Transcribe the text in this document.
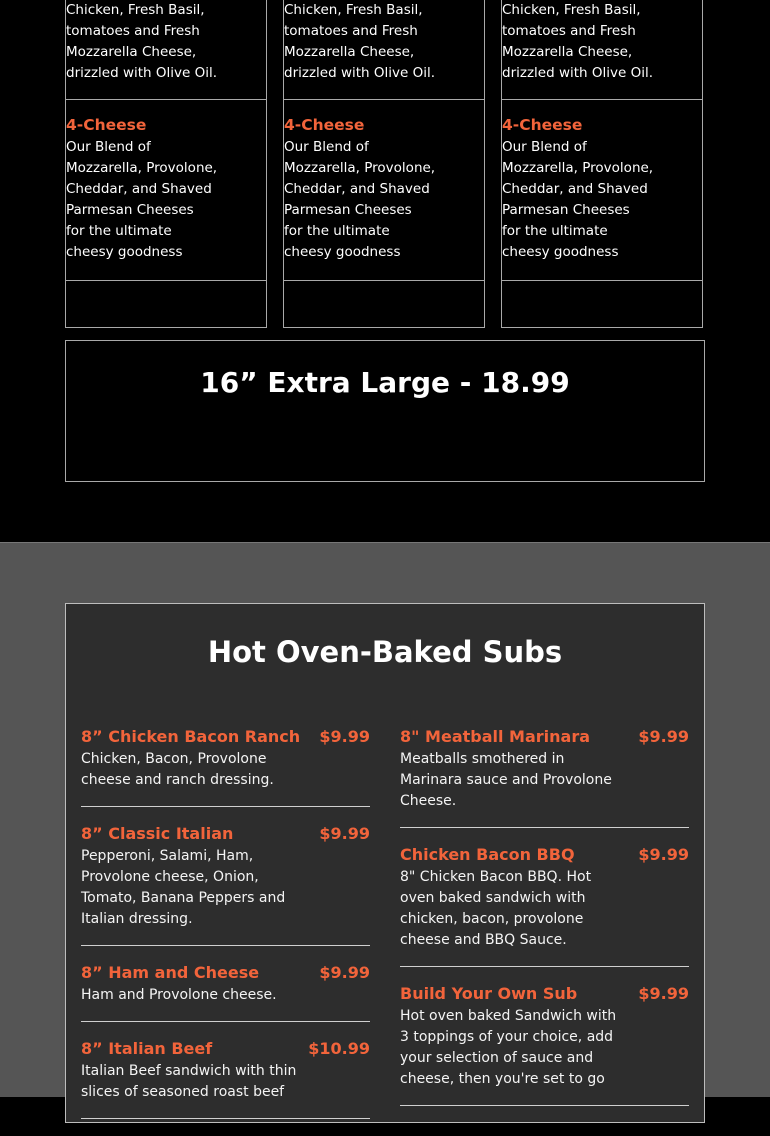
Chicken, Fresh Basil,
tomatoes and Fresh
Mozzarella Cheese,
drizzled with Olive Oil.
4-Cheese
Our Blend of
Mozzarella, Provolone,
Cheddar, and Shaved
Parmesan Cheeses
for the ultimate
cheesy goodness
Chicken, Fresh Basil,
tomatoes and Fresh
Mozzarella Cheese,
drizzled with Olive Oil.
4-Cheese
Our Blend of
Mozzarella, Provolone,
Cheddar, and Shaved
Parmesan Cheeses
for the ultimate
cheesy goodness
Chicken, Fresh Basil,
tomatoes and Fresh
Mozzarella Cheese,
drizzled with Olive Oil.
4-Cheese
Our Blend of
Mozzarella, Provolone,
Cheddar, and Shaved
Parmesan Cheeses
for the ultimate
cheesy goodness
16” Extra Large - 18.99
Hot Oven-Baked Subs
8” Chicken Bacon Ranch $9.99
Chicken, Bacon, Provolone cheese and ranch dressing.
8” Classic Italian	$9.99
Pepperoni, Salami, Ham, Provolone cheese, Onion, Tomato, Banana Peppers and Italian dressing.
8” Ham and Cheese	$9.99
Ham and Provolone cheese.
8” Italian Beef	$10.99
Italian Beef sandwich with thin slices of seasoned roast beef
8" Meatball Marinara	$9.99
Meatballs smothered in Marinara sauce and Provolone Cheese.
Chicken Bacon BBQ	$9.99
8" Chicken Bacon BBQ. Hot oven baked sandwich with chicken, bacon, provolone cheese and BBQ Sauce.
Build Your Own Sub	$9.99
Hot oven baked Sandwich with 3 toppings of your choice, add your selection of sauce and cheese, then you're set to go
